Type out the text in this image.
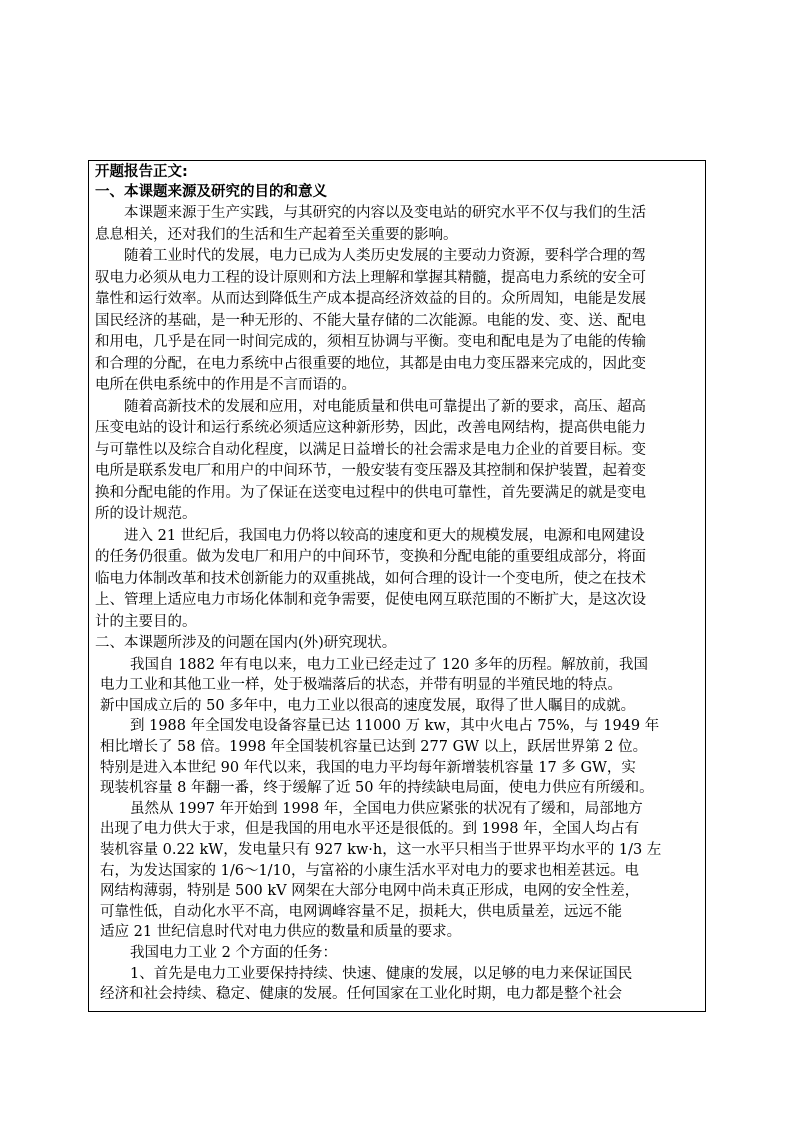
开题报告正文:
一、本课题来源及研究的目的和意义
本课题来源于生产实践，与其研究的内容以及变电站的研究水平不仅与我们的生活
息息相关，还对我们的生活和生产起着至关重要的影响。
随着工业时代的发展，电力已成为人类历史发展的主要动力资源，要科学合理的驾
驭电力必须从电力工程的设计原则和方法上理解和掌握其精髓，提高电力系统的安全可
靠性和运行效率。从而达到降低生产成本提高经济效益的目的。众所周知，电能是发展
国民经济的基础，是一种无形的、不能大量存储的二次能源。电能的发、变、送、配电
和用电，几乎是在同一时间完成的，须相互协调与平衡。变电和配电是为了电能的传输
和合理的分配，在电力系统中占很重要的地位，其都是由电力变压器来完成的，因此变
电所在供电系统中的作用是不言而语的。
随着高新技术的发展和应用，对电能质量和供电可靠提出了新的要求，高压、超高
压变电站的设计和运行系统必须适应这种新形势，因此，改善电网结构，提高供电能力
与可靠性以及综合自动化程度，以满足日益增长的社会需求是电力企业的首要目标。变
电所是联系发电厂和用户的中间环节，一般安装有变压器及其控制和保护装置，起着变
换和分配电能的作用。为了保证在送变电过程中的供电可靠性，首先要满足的就是变电
所的设计规范。
进入 21 世纪后，我国电力仍将以较高的速度和更大的规模发展，电源和电网建设
的任务仍很重。做为发电厂和用户的中间环节，变换和分配电能的重要组成部分，将面
临电力体制改革和技术创新能力的双重挑战，如何合理的设计一个变电所，使之在技术
上、管理上适应电力市场化体制和竞争需要，促使电网互联范围的不断扩大，是这次设
计的主要目的。
二、本课题所涉及的问题在国内(外)研究现状。
我国自 1882 年有电以来，电力工业已经走过了 120 多年的历程。解放前，我国
电力工业和其他工业一样，处于极端落后的状态，并带有明显的半殖民地的特点。
新中国成立后的 50 多年中，电力工业以很高的速度发展，取得了世人瞩目的成就。
到 1988 年全国发电设备容量已达 11000 万 kw，其中火电占 75%，与 1949 年
相比增长了 58 倍。1998 年全国装机容量已达到 277 GW 以上，跃居世界第 2 位。
特别是进入本世纪 90 年代以来，我国的电力平均每年新增装机容量 17 多 GW，实
现装机容量 8 年翻一番，终于缓解了近 50 年的持续缺电局面，使电力供应有所缓和。
虽然从 1997 年开始到 1998 年，全国电力供应紧张的状况有了缓和，局部地方
出现了电力供大于求，但是我国的用电水平还是很低的。到 1998 年，全国人均占有
装机容量 0.22 kW，发电量只有 927 kw·h，这一水平只相当于世界平均水平的 1/3 左
右，为发达国家的 1/6～1/10，与富裕的小康生活水平对电力的要求也相差甚远。电
网结构薄弱，特别是 500 kV 网架在大部分电网中尚未真正形成，电网的安全性差，
可靠性低，自动化水平不高，电网调峰容量不足，损耗大，供电质量差，远远不能
适应 21 世纪信息时代对电力供应的数量和质量的要求。
我国电力工业 2 个方面的任务：
1、首先是电力工业要保持持续、快速、健康的发展，以足够的电力来保证国民
经济和社会持续、稳定、健康的发展。任何国家在工业化时期，电力都是整个社会
